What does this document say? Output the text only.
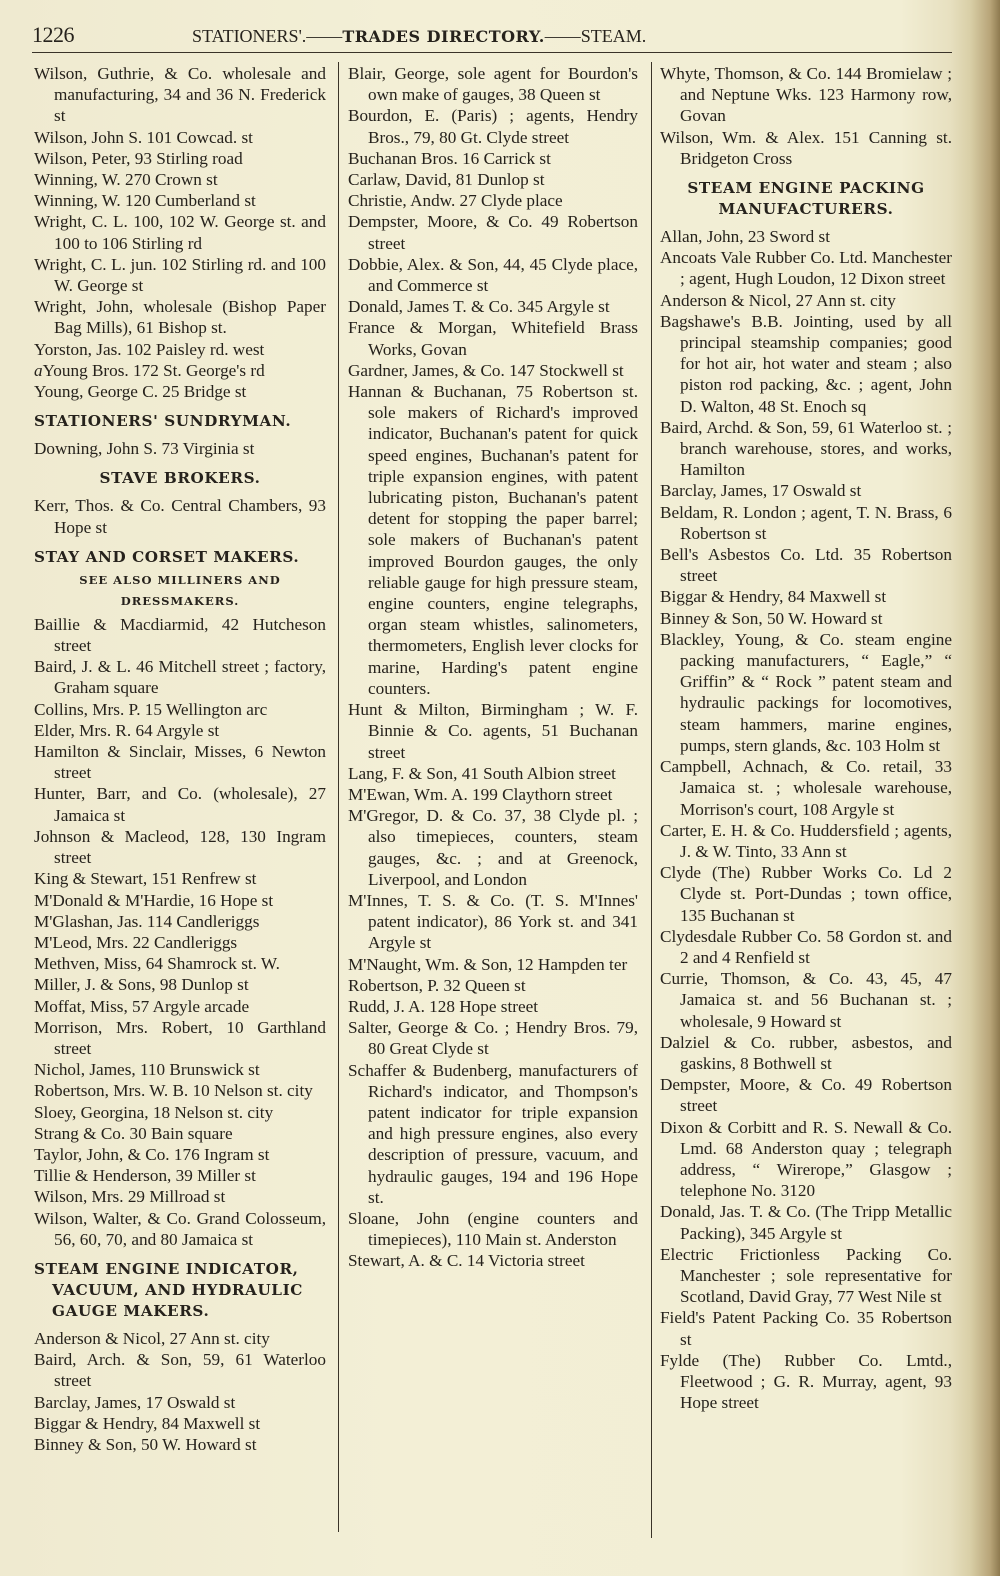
1226	STATIONERS'.——TRADES DIRECTORY.——STEAM.
Wilson, Guthrie, & Co. wholesale and manufacturing, 34 and 36 N. Frederick st
Wilson, John S. 101 Cowcad. st
Wilson, Peter, 93 Stirling road
Winning, W. 270 Crown st
Winning, W. 120 Cumberland st
Wright, C. L. 100, 102 W. George st. and 100 to 106 Stirling rd
Wright, C. L. jun. 102 Stirling rd. and 100 W. George st
Wright, John, wholesale (Bishop Paper Bag Mills), 61 Bishop st.
Yorston, Jas. 102 Paisley rd. west
aYoung Bros. 172 St. George's rd
Young, George C. 25 Bridge st
STATIONERS' SUNDRYMAN.
Downing, John S. 73 Virginia st
STAVE BROKERS.
Kerr, Thos. & Co. Central Chambers, 93 Hope st
STAY AND CORSET MAKERS.
SEE ALSO MILLINERS AND DRESSMAKERS.
Baillie & Macdiarmid, 42 Hutcheson street
Baird, J. & L. 46 Mitchell street ; factory, Graham square
Collins, Mrs. P. 15 Wellington arc
Elder, Mrs. R. 64 Argyle st
Hamilton & Sinclair, Misses, 6 Newton street
Hunter, Barr, and Co. (wholesale), 27 Jamaica st
Johnson & Macleod, 128, 130 Ingram street
King & Stewart, 151 Renfrew st
M'Donald & M'Hardie, 16 Hope st
M'Glashan, Jas. 114 Candleriggs
M'Leod, Mrs. 22 Candleriggs
Methven, Miss, 64 Shamrock st. W.
Miller, J. & Sons, 98 Dunlop st
Moffat, Miss, 57 Argyle arcade
Morrison, Mrs. Robert, 10 Garthland street
Nichol, James, 110 Brunswick st
Robertson, Mrs. W. B. 10 Nelson st. city
Sloey, Georgina, 18 Nelson st. city
Strang & Co. 30 Bain square
Taylor, John, & Co. 176 Ingram st
Tillie & Henderson, 39 Miller st
Wilson, Mrs. 29 Millroad st
Wilson, Walter, & Co. Grand Colosseum, 56, 60, 70, and 80 Jamaica st
STEAM ENGINE INDICATOR, VACUUM, AND HYDRAULIC GAUGE MAKERS.
Anderson & Nicol, 27 Ann st. city
Baird, Arch. & Son, 59, 61 Waterloo street
Barclay, James, 17 Oswald st
Biggar & Hendry, 84 Maxwell st
Binney & Son, 50 W. Howard st
Blair, George, sole agent for Bourdon's own make of gauges, 38 Queen st
Bourdon, E. (Paris) ; agents, Hendry Bros., 79, 80 Gt. Clyde street
Buchanan Bros. 16 Carrick st
Carlaw, David, 81 Dunlop st
Christie, Andw. 27 Clyde place
Dempster, Moore, & Co. 49 Robertson street
Dobbie, Alex. & Son, 44, 45 Clyde place, and Commerce st
Donald, James T. & Co. 345 Argyle st
France & Morgan, Whitefield Brass Works, Govan
Gardner, James, & Co. 147 Stockwell st
Hannan & Buchanan, 75 Robertson st. sole makers of Richard's improved indicator, Buchanan's patent for quick speed engines, Buchanan's patent for triple expansion engines, with patent lubricating piston, Buchanan's patent detent for stopping the paper barrel; sole makers of Buchanan's patent improved Bourdon gauges, the only reliable gauge for high pressure steam, engine counters, engine telegraphs, organ steam whistles, salinometers, thermometers, English lever clocks for marine, Harding's patent engine counters.
Hunt & Milton, Birmingham ; W. F. Binnie & Co. agents, 51 Buchanan street
Lang, F. & Son, 41 South Albion street
M'Ewan, Wm. A. 199 Claythorn street
M'Gregor, D. & Co. 37, 38 Clyde pl. ; also timepieces, counters, steam gauges, &c. ; and at Greenock, Liverpool, and London
M'Innes, T. S. & Co. (T. S. M'Innes' patent indicator), 86 York st. and 341 Argyle st
M'Naught, Wm. & Son, 12 Hampden ter
Robertson, P. 32 Queen st
Rudd, J. A. 128 Hope street
Salter, George & Co. ; Hendry Bros. 79, 80 Great Clyde st
Schaffer & Budenberg, manufacturers of Richard's indicator, and Thompson's patent indicator for triple expansion and high pressure engines, also every description of pressure, vacuum, and hydraulic gauges, 194 and 196 Hope st.
Sloane, John (engine counters and timepieces), 110 Main st. Anderston
Stewart, A. & C. 14 Victoria street
Whyte, Thomson, & Co. 144 Bromielaw ; and Neptune Wks. 123 Harmony row, Govan
Wilson, Wm. & Alex. 151 Canning st. Bridgeton Cross
STEAM ENGINE PACKING MANUFACTURERS.
Allan, John, 23 Sword st
Ancoats Vale Rubber Co. Ltd. Manchester ; agent, Hugh Loudon, 12 Dixon street
Anderson & Nicol, 27 Ann st. city
Bagshawe's B.B. Jointing, used by all principal steamship companies; good for hot air, hot water and steam ; also piston rod packing, &c. ; agent, John D. Walton, 48 St. Enoch sq
Baird, Archd. & Son, 59, 61 Waterloo st. ; branch warehouse, stores, and works, Hamilton
Barclay, James, 17 Oswald st
Beldam, R. London ; agent, T. N. Brass, 6 Robertson st
Bell's Asbestos Co. Ltd. 35 Robertson street
Biggar & Hendry, 84 Maxwell st
Binney & Son, 50 W. Howard st
Blackley, Young, & Co. steam engine packing manufacturers, “ Eagle,” “ Griffin” & “ Rock ” patent steam and hydraulic packings for locomotives, steam hammers, marine engines, pumps, stern glands, &c. 103 Holm st
Campbell, Achnach, & Co. retail, 33 Jamaica st. ; wholesale warehouse, Morrison's court, 108 Argyle st
Carter, E. H. & Co. Huddersfield ; agents, J. & W. Tinto, 33 Ann st
Clyde (The) Rubber Works Co. Ld 2 Clyde st. Port-Dundas ; town office, 135 Buchanan st
Clydesdale Rubber Co. 58 Gordon st. and 2 and 4 Renfield st
Currie, Thomson, & Co. 43, 45, 47 Jamaica st. and 56 Buchanan st. ; wholesale, 9 Howard st
Dalziel & Co. rubber, asbestos, and gaskins, 8 Bothwell st
Dempster, Moore, & Co. 49 Robertson street
Dixon & Corbitt and R. S. Newall & Co. Lmd. 68 Anderston quay ; telegraph address, “ Wirerope,” Glasgow ; telephone No. 3120
Donald, Jas. T. & Co. (The Tripp Metallic Packing), 345 Argyle st
Electric Frictionless Packing Co. Manchester ; sole representative for Scotland, David Gray, 77 West Nile st
Field's Patent Packing Co. 35 Robertson st
Fylde (The) Rubber Co. Lmtd., Fleetwood ; G. R. Murray, agent, 93 Hope street
